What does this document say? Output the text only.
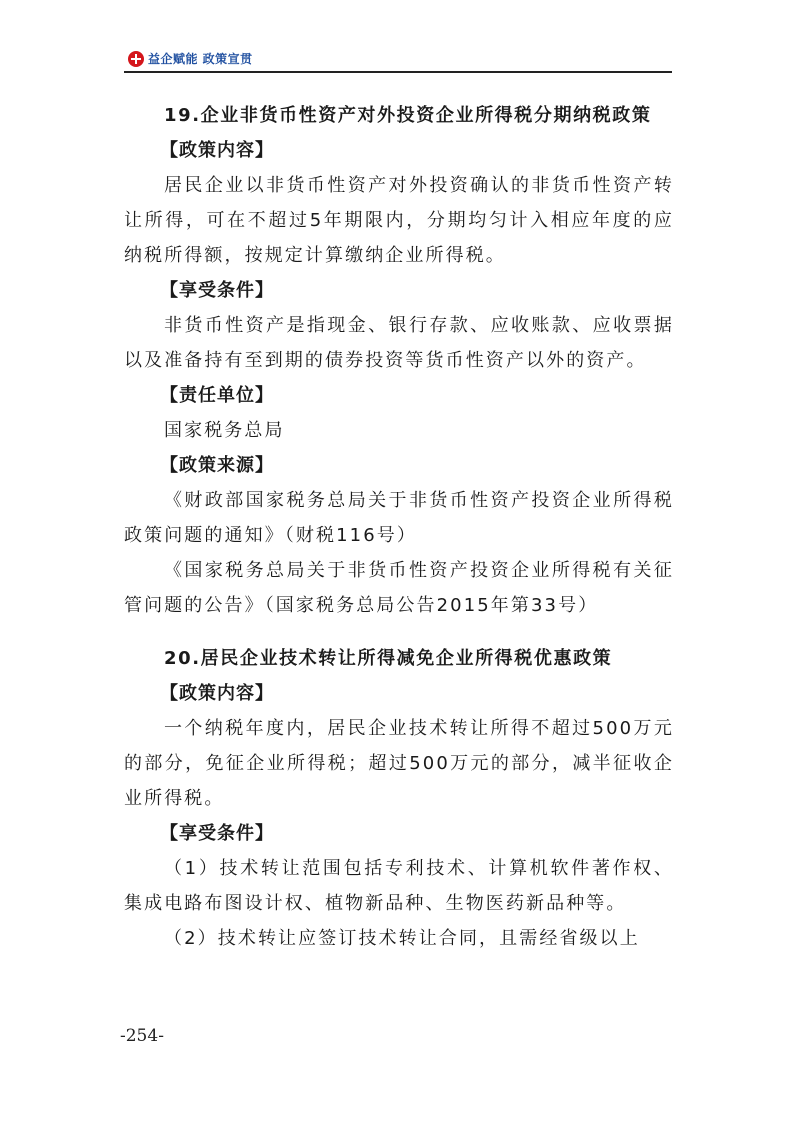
益企赋能 政策宣贯

19.企业非货币性资产对外投资企业所得税分期纳税政策

【政策内容】

居民企业以非货币性资产对外投资确认的非货币性资产转让所得，可在不超过5年期限内，分期均匀计入相应年度的应纳税所得额，按规定计算缴纳企业所得税。

【享受条件】

非货币性资产是指现金、银行存款、应收账款、应收票据以及准备持有至到期的债券投资等货币性资产以外的资产。

【责任单位】

国家税务总局

【政策来源】

《财政部国家税务总局关于非货币性资产投资企业所得税政策问题的通知》（财税116号）

《国家税务总局关于非货币性资产投资企业所得税有关征管问题的公告》（国家税务总局公告2015年第33号）

20.居民企业技术转让所得减免企业所得税优惠政策

【政策内容】

一个纳税年度内，居民企业技术转让所得不超过500万元的部分，免征企业所得税；超过500万元的部分，减半征收企业所得税。

【享受条件】

（1）技术转让范围包括专利技术、计算机软件著作权、集成电路布图设计权、植物新品种、生物医药新品种等。

（2）技术转让应签订技术转让合同，且需经省级以上

-254-
